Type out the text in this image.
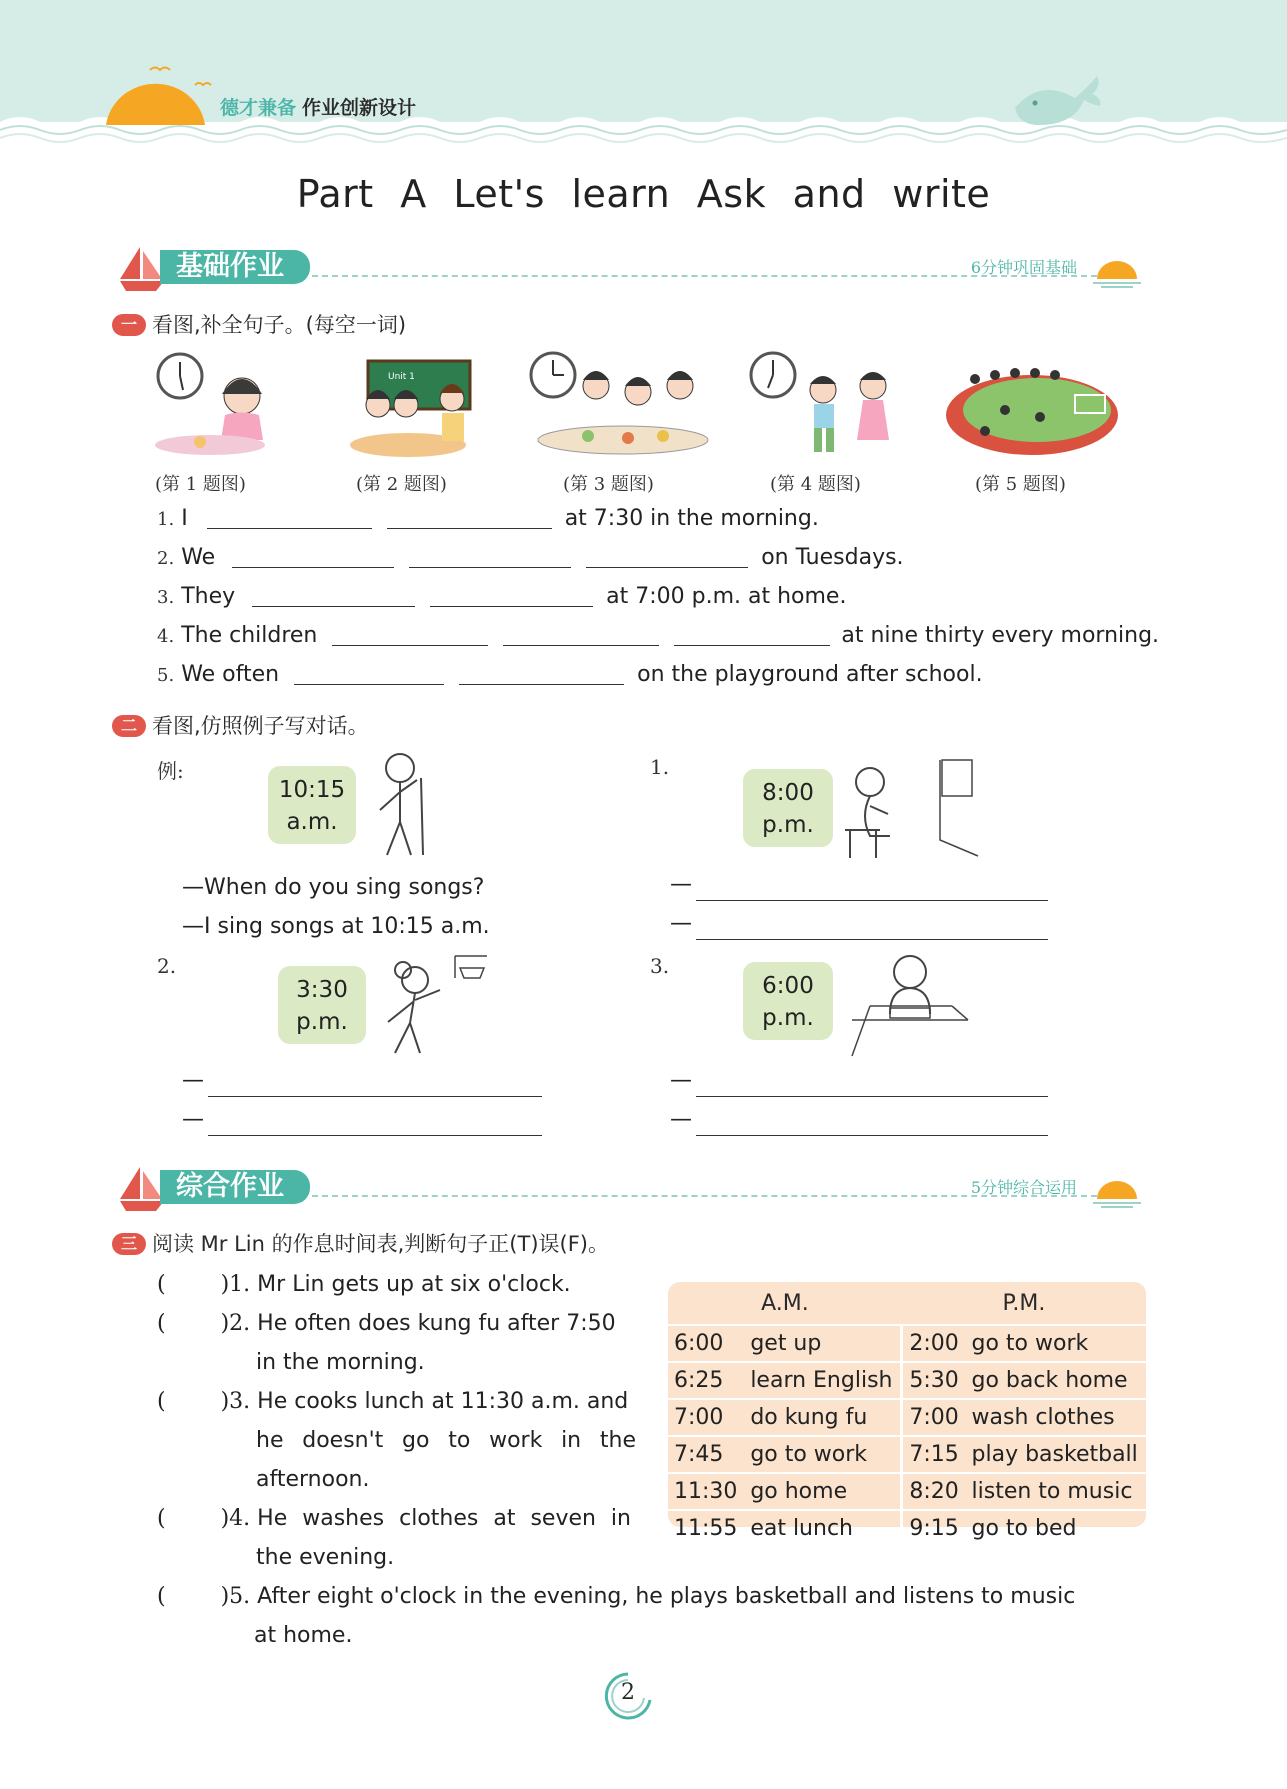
德才兼备 作业创新设计
Part A Let's learn Ask and write
基础作业	6分钟巩固基础
一 看图,补全句子。(每空一词)
Unit 1
(第 1 题图)	(第 2 题图)	(第 3 题图)	(第 4 题图)	(第 5 题图)
1. I	at 7:30 in the morning.
2. We	on Tuesdays.
3. They	at 7:00 p.m. at home.
4. The children	at nine thirty every morning.
5. We often	on the playground after school.
二 看图,仿照例子写对话。
例:
10:15
a.m.
—When do you sing songs?
—I sing songs at 10:15 a.m.
1.
8:00
p.m.
—
—
2.
3:30
p.m.
—
—
3.
6:00
p.m.
—
—
综合作业	5分钟综合运用
三 阅读 Mr Lin 的作息时间表,判断句子正(T)误(F)。
(	)1. Mr Lin gets up at six o'clock.
(	)2. He often does kung fu after 7:50
in the morning.
(	)3. He cooks lunch at 11:30 a.m. and
he doesn't go to work in the
afternoon.
(	)4. He washes clothes at seven in
the evening.
(	)5. After eight o'clock in the evening, he plays basketball and listens to music
at home.
A.M.		P.M.	
6:00	get up	2:00	go to work
6:25	learn English	5:30	go back home
7:00	do kung fu	7:00	wash clothes
7:45	go to work	7:15	play basketball
11:30	go home	8:20	listen to music
11:55	eat lunch	9:15	go to bed
2
